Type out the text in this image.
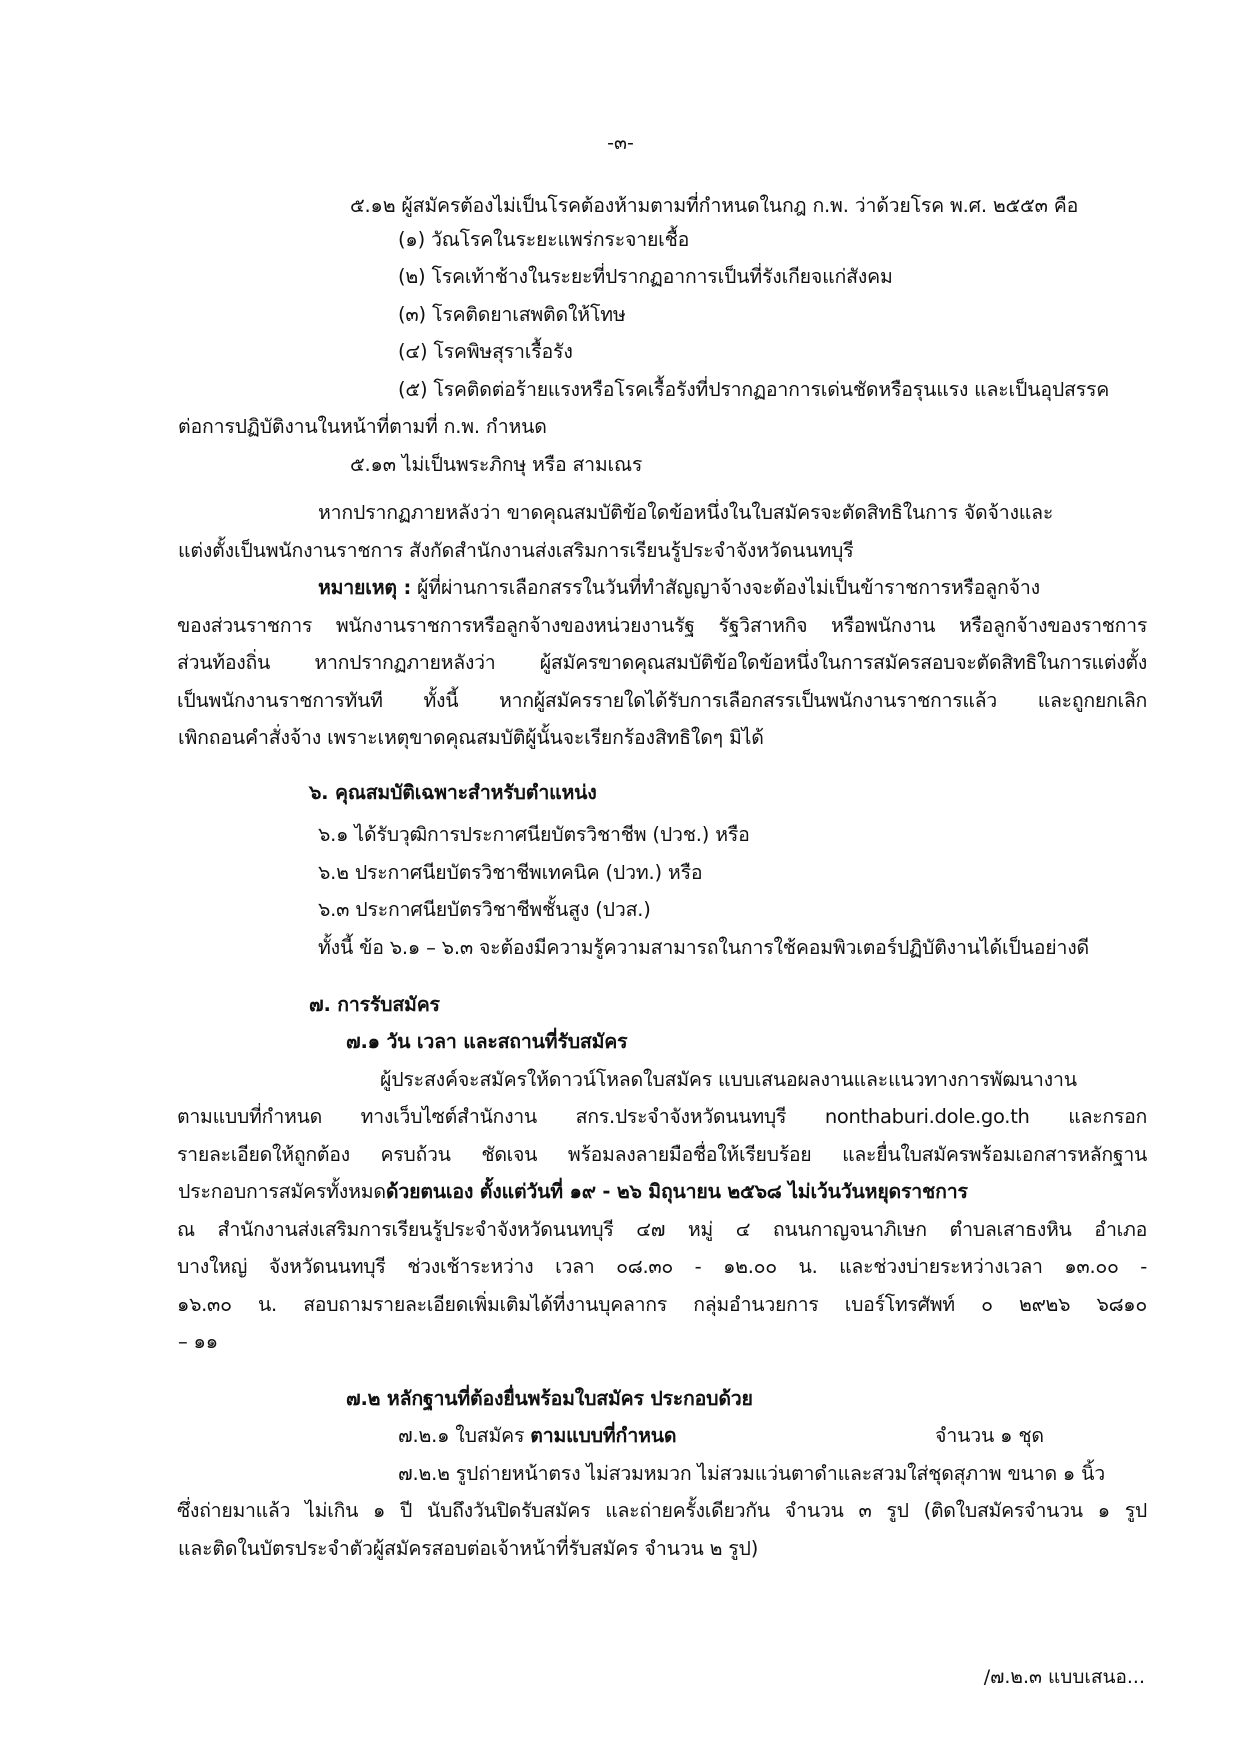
-๓-
๕.๑๒ ผู้สมัครต้องไม่เป็นโรคต้องห้ามตามที่กำหนดในกฎ ก.พ. ว่าด้วยโรค พ.ศ. ๒๕๕๓ คือ
(๑) วัณโรคในระยะแพร่กระจายเชื้อ
(๒) โรคเท้าช้างในระยะที่ปรากฏอาการเป็นที่รังเกียจแก่สังคม
(๓) โรคติดยาเสพติดให้โทษ
(๔) โรคพิษสุราเรื้อรัง
(๕) โรคติดต่อร้ายแรงหรือโรคเรื้อรังที่ปรากฏอาการเด่นชัดหรือรุนแรง และเป็นอุปสรรค
ต่อการปฏิบัติงานในหน้าที่ตามที่ ก.พ. กำหนด
๕.๑๓ ไม่เป็นพระภิกษุ หรือ สามเณร
หากปรากฏภายหลังว่า ขาดคุณสมบัติข้อใดข้อหนึ่งในใบสมัครจะตัดสิทธิในการ จัดจ้างและ
แต่งตั้งเป็นพนักงานราชการ สังกัดสำนักงานส่งเสริมการเรียนรู้ประจำจังหวัดนนทบุรี
หมายเหตุ : ผู้ที่ผ่านการเลือกสรรในวันที่ทำสัญญาจ้างจะต้องไม่เป็นข้าราชการหรือลูกจ้าง
ของส่วนราชการ พนักงานราชการหรือลูกจ้างของหน่วยงานรัฐ รัฐวิสาหกิจ หรือพนักงาน หรือลูกจ้างของราชการ
ส่วนท้องถิ่น หากปรากฏภายหลังว่า ผู้สมัครขาดคุณสมบัติข้อใดข้อหนึ่งในการสมัครสอบจะตัดสิทธิในการแต่งตั้ง
เป็นพนักงานราชการทันที ทั้งนี้ หากผู้สมัครรายใดได้รับการเลือกสรรเป็นพนักงานราชการแล้ว และถูกยกเลิก
เพิกถอนคำสั่งจ้าง เพราะเหตุขาดคุณสมบัติผู้นั้นจะเรียกร้องสิทธิใดๆ มิได้
๖. คุณสมบัติเฉพาะสำหรับตำแหน่ง
๖.๑ ได้รับวุฒิการประกาศนียบัตรวิชาชีพ (ปวช.) หรือ
๖.๒ ประกาศนียบัตรวิชาชีพเทคนิค (ปวท.) หรือ
๖.๓ ประกาศนียบัตรวิชาชีพชั้นสูง (ปวส.)
ทั้งนี้ ข้อ ๖.๑ – ๖.๓ จะต้องมีความรู้ความสามารถในการใช้คอมพิวเตอร์ปฏิบัติงานได้เป็นอย่างดี
๗. การรับสมัคร
๗.๑ วัน เวลา และสถานที่รับสมัคร
ผู้ประสงค์จะสมัครให้ดาวน์โหลดใบสมัคร แบบเสนอผลงานและแนวทางการพัฒนางาน
ตามแบบที่กำหนด ทางเว็บไซต์สำนักงาน สกร.ประจำจังหวัดนนทบุรี nonthaburi.dole.go.th และกรอก
รายละเอียดให้ถูกต้อง ครบถ้วน ชัดเจน พร้อมลงลายมือชื่อให้เรียบร้อย และยื่นใบสมัครพร้อมเอกสารหลักฐาน
ประกอบการสมัครทั้งหมดด้วยตนเอง ตั้งแต่วันที่ ๑๙ - ๒๖ มิถุนายน ๒๕๖๘ ไม่เว้นวันหยุดราชการ
ณ สำนักงานส่งเสริมการเรียนรู้ประจำจังหวัดนนทบุรี ๔๗ หมู่ ๔ ถนนกาญจนาภิเษก ตำบลเสาธงหิน อำเภอ
บางใหญ่ จังหวัดนนทบุรี ช่วงเช้าระหว่าง เวลา ๐๘.๓๐ - ๑๒.๐๐ น. และช่วงบ่ายระหว่างเวลา ๑๓.๐๐ -
๑๖.๓๐ น. สอบถามรายละเอียดเพิ่มเติมได้ที่งานบุคลากร กลุ่มอำนวยการ เบอร์โทรศัพท์ ๐ ๒๙๒๖ ๖๘๑๐
– ๑๑
๗.๒ หลักฐานที่ต้องยื่นพร้อมใบสมัคร ประกอบด้วย
๗.๒.๑ ใบสมัคร ตามแบบที่กำหนด	จำนวน ๑ ชุด
๗.๒.๒ รูปถ่ายหน้าตรง ไม่สวมหมวก ไม่สวมแว่นตาดำและสวมใส่ชุดสุภาพ ขนาด ๑ นิ้ว
ซึ่งถ่ายมาแล้ว ไม่เกิน ๑ ปี นับถึงวันปิดรับสมัคร และถ่ายครั้งเดียวกัน จำนวน ๓ รูป (ติดใบสมัครจำนวน ๑ รูป
และติดในบัตรประจำตัวผู้สมัครสอบต่อเจ้าหน้าที่รับสมัคร จำนวน ๒ รูป)
/๗.๒.๓ แบบเสนอ...
